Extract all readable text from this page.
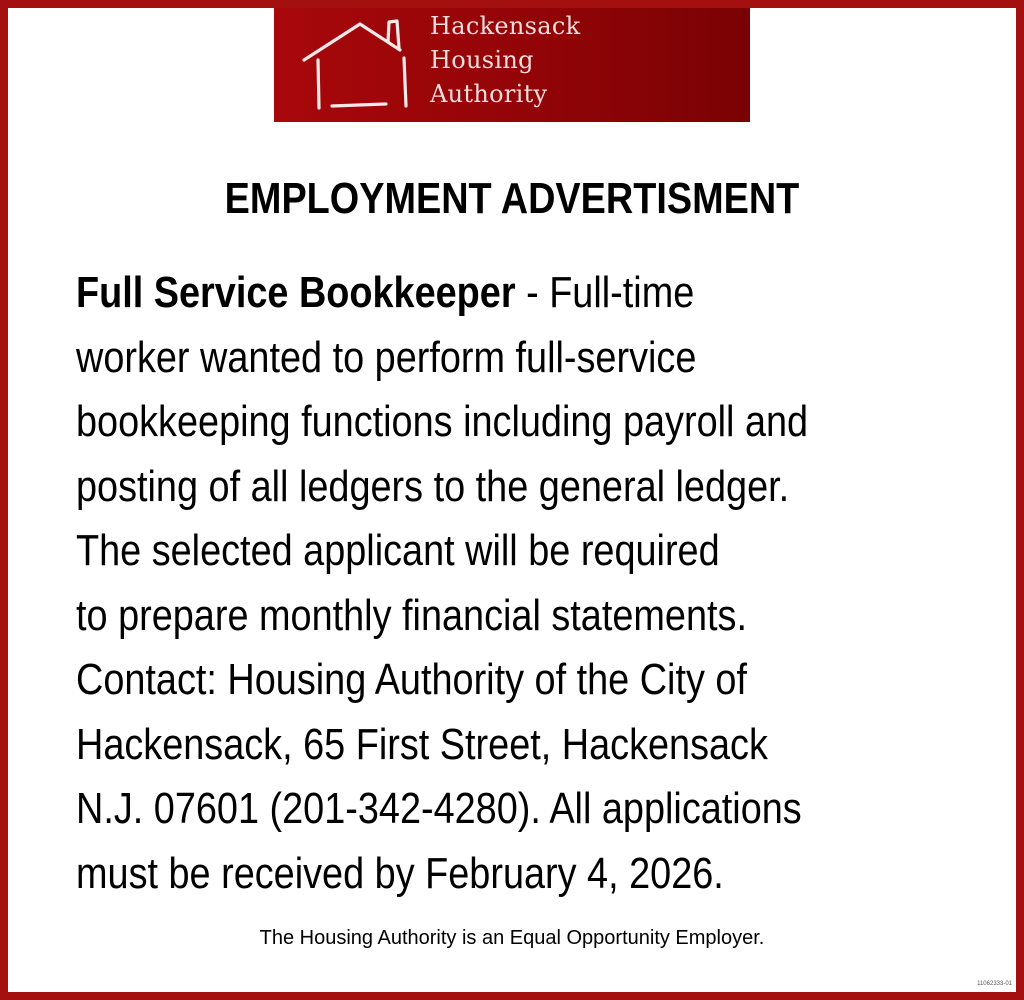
Hackensack
Housing
Authority
EMPLOYMENT ADVERTISMENT
Full Service Bookkeeper - Full-time
worker wanted to perform full-service
bookkeeping functions including payroll and
posting of all ledgers to the general ledger.
The selected applicant will be required
to prepare monthly financial statements.
Contact: Housing Authority of the City of
Hackensack, 65 First Street, Hackensack
N.J. 07601 (201-342-4280). All applications
must be received by February 4, 2026.
The Housing Authority is an Equal Opportunity Employer.
11062333-01
